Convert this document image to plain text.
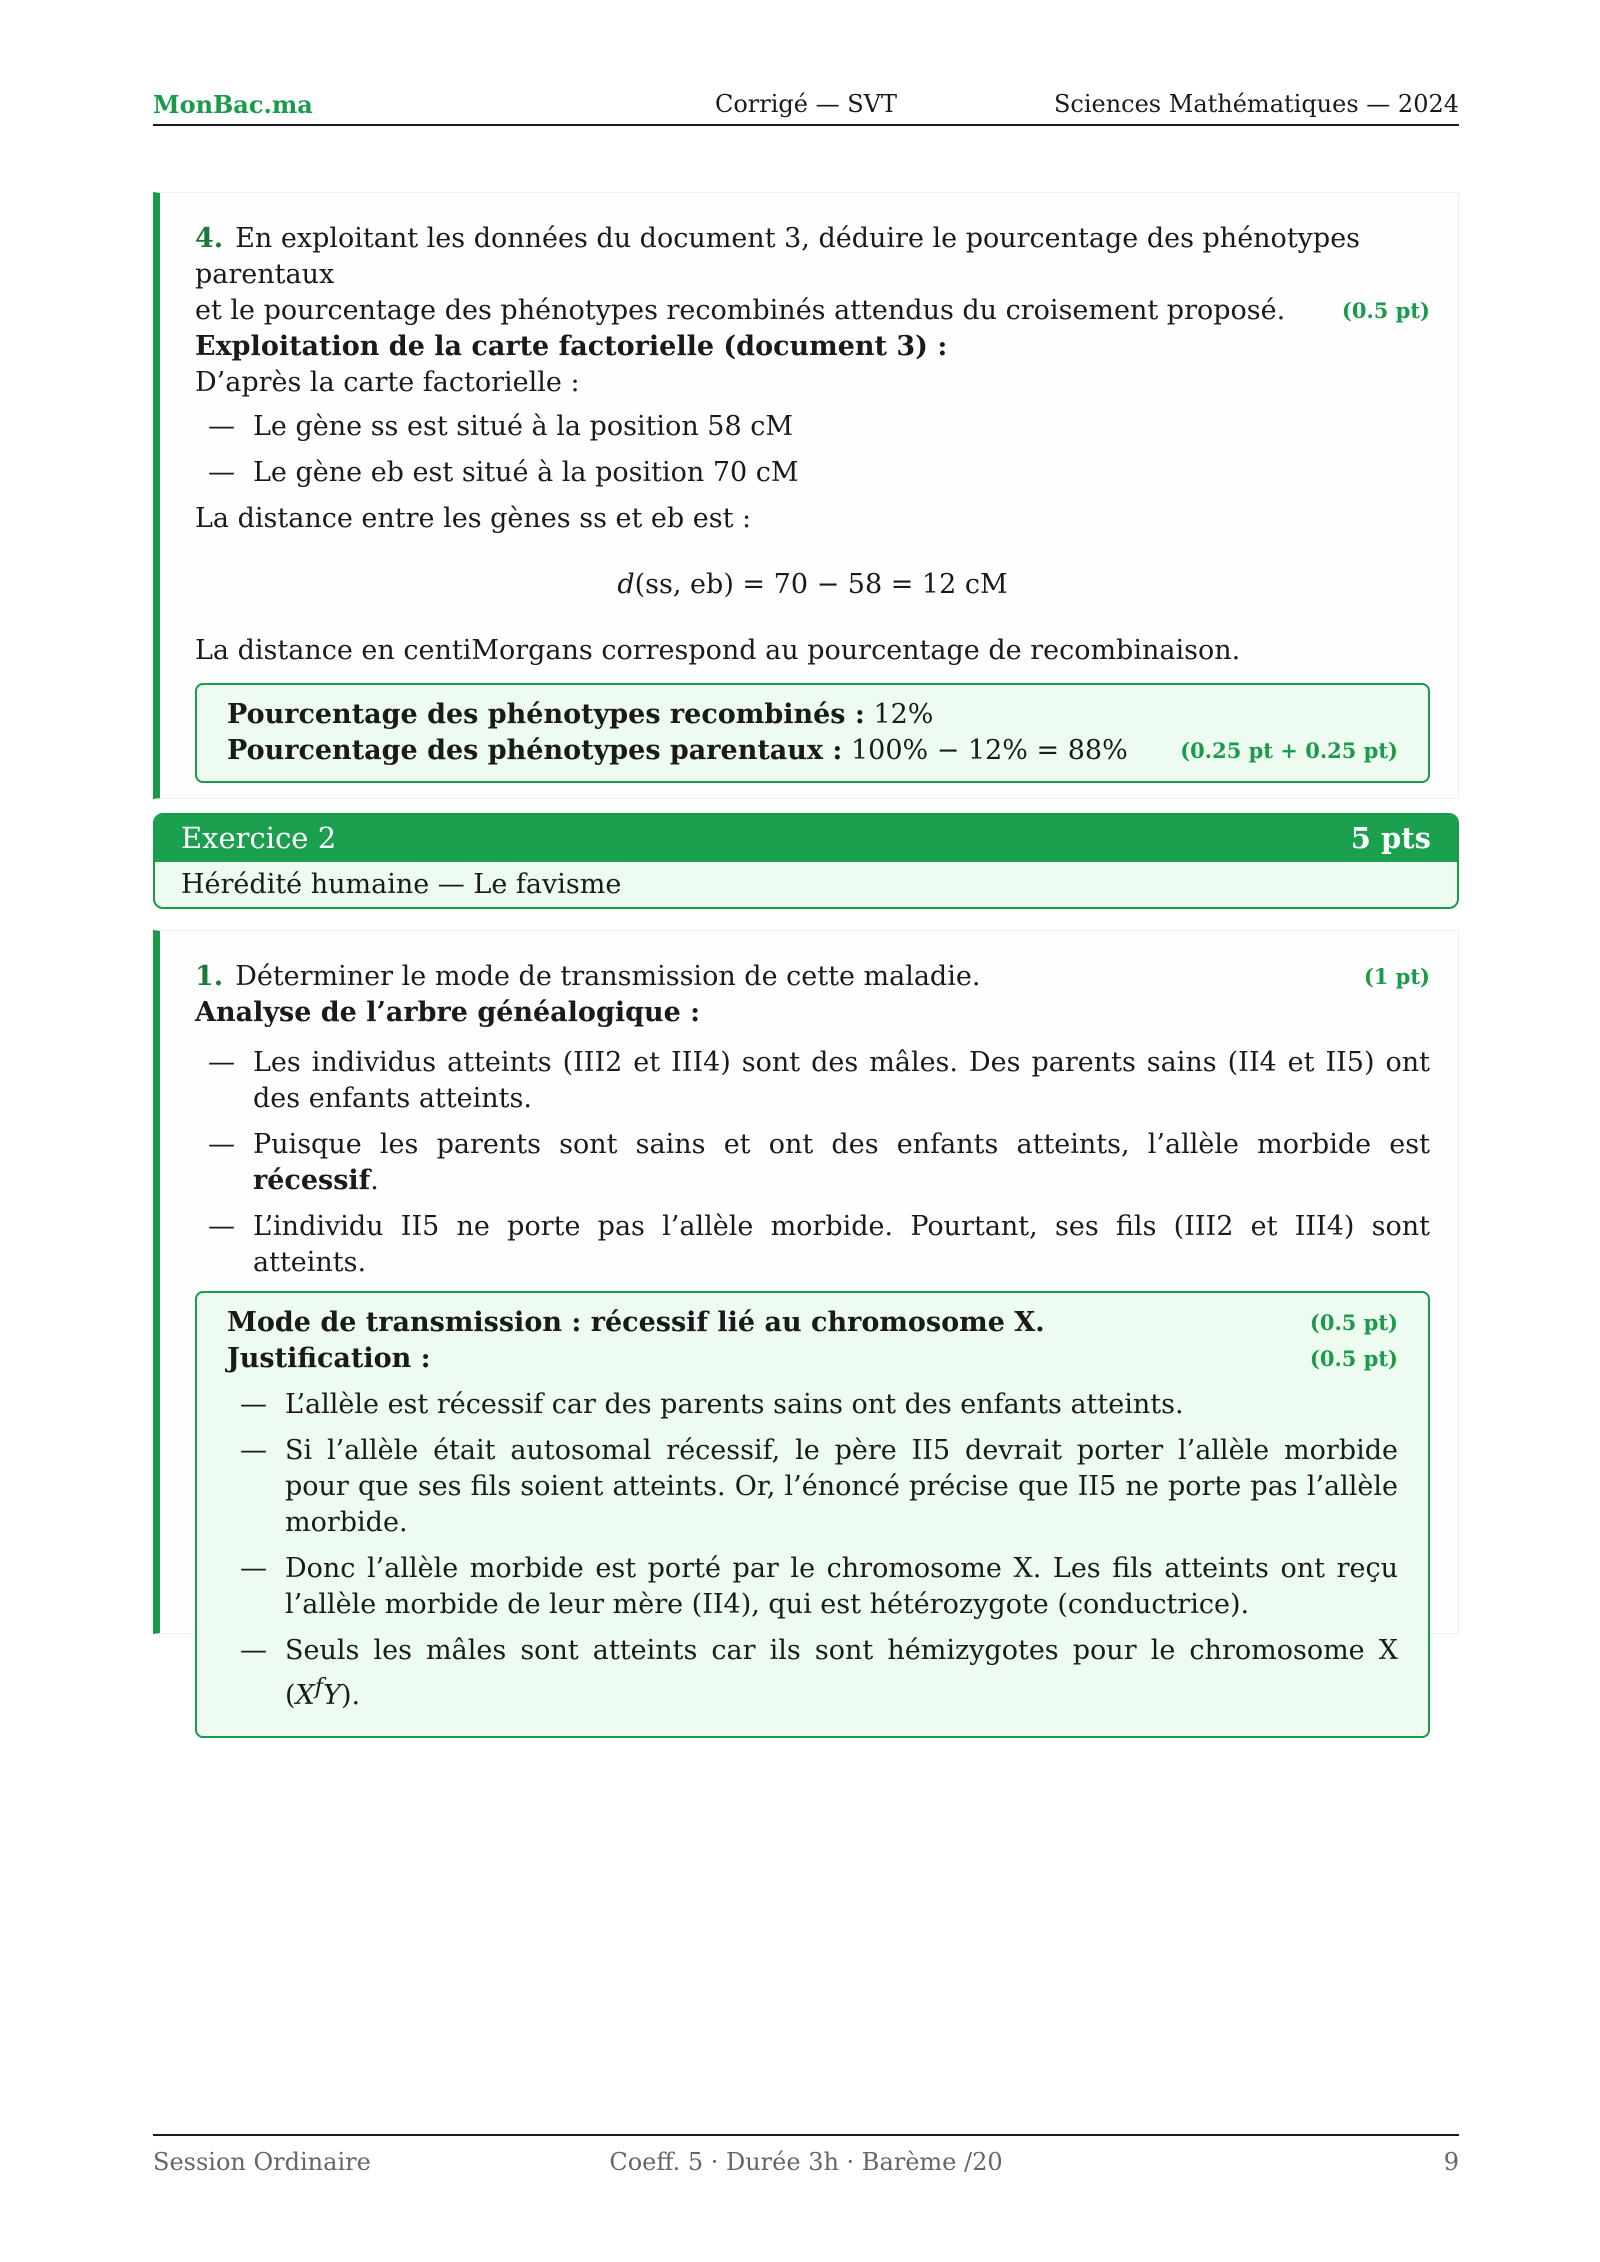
MonBac.ma	Corrigé — SVT	Sciences Mathématiques — 2024
4. En exploitant les données du document 3, déduire le pourcentage des phénotypes parentaux
et le pourcentage des phénotypes recombinés attendus du croisement proposé.	(0.5 pt)
Exploitation de la carte factorielle (document 3) :
D’après la carte factorielle :
— Le gène ss est situé à la position 58 cM
— Le gène eb est situé à la position 70 cM
La distance entre les gènes ss et eb est :
d(ss, eb) = 70 − 58 = 12 cM
La distance en centiMorgans correspond au pourcentage de recombinaison.
Pourcentage des phénotypes recombinés : 12%
Pourcentage des phénotypes parentaux : 100% − 12% = 88% (0.25 pt + 0.25 pt)
Exercice 2	5 pts
Hérédité humaine — Le favisme
1. Déterminer le mode de transmission de cette maladie.	(1 pt)
Analyse de l’arbre généalogique :
— Les individus atteints (III2 et III4) sont des mâles. Des parents sains (II4 et II5) ont des enfants atteints.
— Puisque les parents sont sains et ont des enfants atteints, l’allèle morbide est récessif.
— L’individu II5 ne porte pas l’allèle morbide. Pourtant, ses fils (III2 et III4) sont atteints.
Mode de transmission : récessif lié au chromosome X.	(0.5 pt)
Justification :	(0.5 pt)
— L’allèle est récessif car des parents sains ont des enfants atteints.
— Si l’allèle était autosomal récessif, le père II5 devrait porter l’allèle morbide pour que ses fils soient atteints. Or, l’énoncé précise que II5 ne porte pas l’allèle morbide.
— Donc l’allèle morbide est porté par le chromosome X. Les fils atteints ont reçu l’allèle morbide de leur mère (II4), qui est hétérozygote (conductrice).
— Seuls les mâles sont atteints car ils sont hémizygotes pour le chromosome X $(X^fY)$.
Session Ordinaire	Coeff. 5 · Durée 3h · Barème /20	9
